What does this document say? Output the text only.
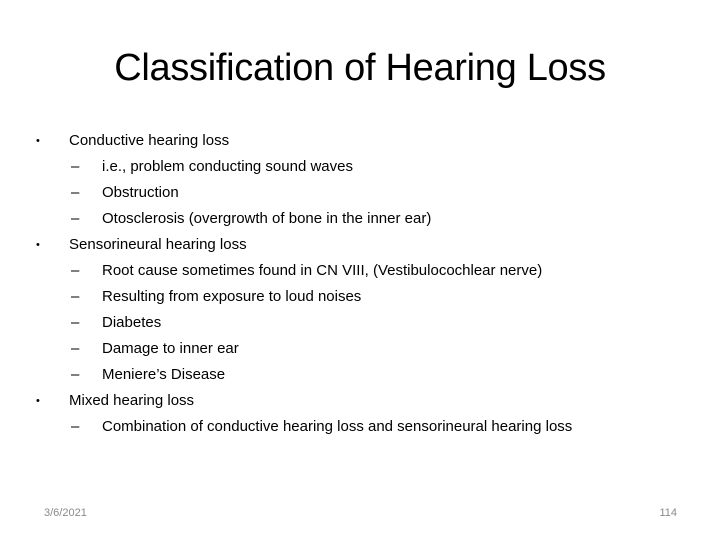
Classification of Hearing Loss
• Conductive hearing loss
– i.e., problem conducting sound waves
– Obstruction
– Otosclerosis (overgrowth of bone in the inner ear)
• Sensorineural hearing loss
– Root cause sometimes found in CN VIII, (Vestibulocochlear nerve)
– Resulting from exposure to loud noises
– Diabetes
– Damage to inner ear
– Meniere’s Disease
• Mixed hearing loss
– Combination of conductive hearing loss and sensorineural hearing loss
3/6/2021	114
